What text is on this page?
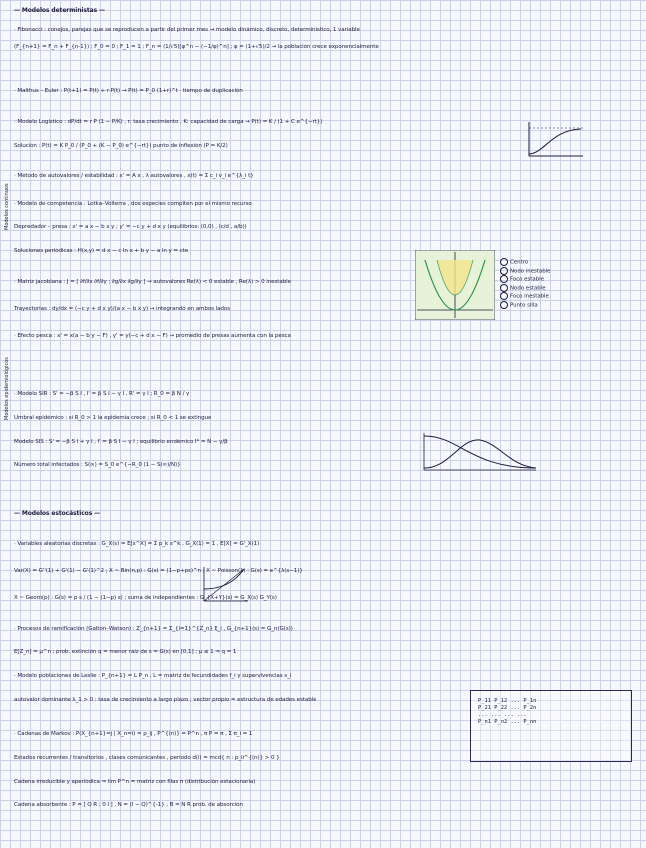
— Modelos deterministas —
· Fibonacci : conejos, parejas que se reproducen a partir del primer mes → modelo dinámico, discreto, determinístico, 1 variable
(F_{n+1} = F_n + F_{n-1}) ; F_0 = 0 ; F_1 = 1 ; F_n = (1/√5)[φ^n − (−1/φ)^n] ; φ = (1+√5)/2 → la población crece exponencialmente
· Malthus – Euler : P(t+1) = P(t) + r·P(t) → P(t) = P_0 (1+r)^t · tiempo de duplicación
· Modelo Logístico : dP/dt = r P (1 − P/K) , r: tasa crecimiento , K: capacidad de carga → P(t) = K / (1 + C e^{−rt})
Solución : P(t) = K P_0 / (P_0 + (K − P_0) e^{−rt}) punto de inflexión (P = K/2)
· Método de autovalores / estabilidad : x' = A x , λ autovalores , x(t) = Σ c_i v_i e^{λ_i t}
· Modelo de competencia : Lotka–Volterra , dos especies compiten por el mismo recurso
Depredador – presa : x' = a x − b x y ; y' = −c y + d x y (equilibrios: (0,0) , (c/d , a/b))
Soluciones periódicas : H(x,y) = d x − c ln x + b y − a ln y = cte
· Matriz jacobiana : J = [ ∂f/∂x ∂f/∂y ; ∂g/∂x ∂g/∂y ] → autovalores Re(λ) < 0 estable , Re(λ) > 0 inestable
Trayectorias : dy/dx = (−c y + d x y)/(a x − b x y) → integrando en ambos lados
· Efecto pesca : x' = x(a − b y − F) , y' = y(−c + d x − F) → promedio de presas aumenta con la pesca
· Modelo SIR : S' = −β S I , I' = β S I − γ I , R' = γ I ; R_0 = β N / γ
Umbral epidémico : si R_0 > 1 la epidemia crece ; si R_0 < 1 se extingue
Modelo SIS : S' = −β S I + γ I , I' = β S I − γ I ; equilibrio endémico I* = N − γ/β
Número total infectados : S(∞) = S_0 e^{−R_0 (1 − S(∞)/N)}
— Modelos estocásticos —
· Variables aleatorias discretas : G_X(s) = E[s^X] = Σ p_k s^k , G_X(1) = 1 , E[X] = G'_X(1)
Var(X) = G''(1) + G'(1) − G'(1)^2 ; X ~ Bin(n,p) : G(s) = (1−p+ps)^n ; X ~ Poisson(λ) : G(s) = e^{λ(s−1)}
X ~ Geom(p) : G(s) = p s / (1 − (1−p) s) ; suma de independientes : G_{X+Y}(s) = G_X(s) G_Y(s)
· Procesos de ramificación (Galton–Watson) : Z_{n+1} = Σ_{i=1}^{Z_n} ξ_i , G_{n+1}(s) = G_n(G(s))
E[Z_n] = μ^n ; prob. extinción q = menor raíz de s = G(s) en [0,1] ; μ ≤ 1 ⇒ q = 1
· Modelo poblaciones de Leslie : P_{n+1} = L P_n , L = matriz de fecundidades f_i y supervivencias s_i
autovalor dominante λ_1 > 0 : tasa de crecimiento a largo plazo ; vector propio = estructura de edades estable
· Cadenas de Markov : P(X_{n+1}=j | X_n=i) = p_ij , P^{(n)} = P^n , π P = π , Σ π_i = 1
Estados recurrentes / transitorios , clases comunicantes , periodo d(i) = mcd{ n : p_ii^{(n)} > 0 }
Cadena irreducible y aperiódica ⇒ lim P^n = matriz con filas π (distribución estacionaria)
Cadena absorbente : P = [ Q R ; 0 I ] , N = (I − Q)^{-1} , B = N R prob. de absorción
Modelos continuos
Modelos epidemiológicos
Centro
Nodo inestable
Foco estable
Nodo estable
Foco inestable
Punto silla
P_11 P_12 ... P_1n
P_21 P_22 ... P_2n
... ... ... ...
P_n1 P_n2 ... P_nn
